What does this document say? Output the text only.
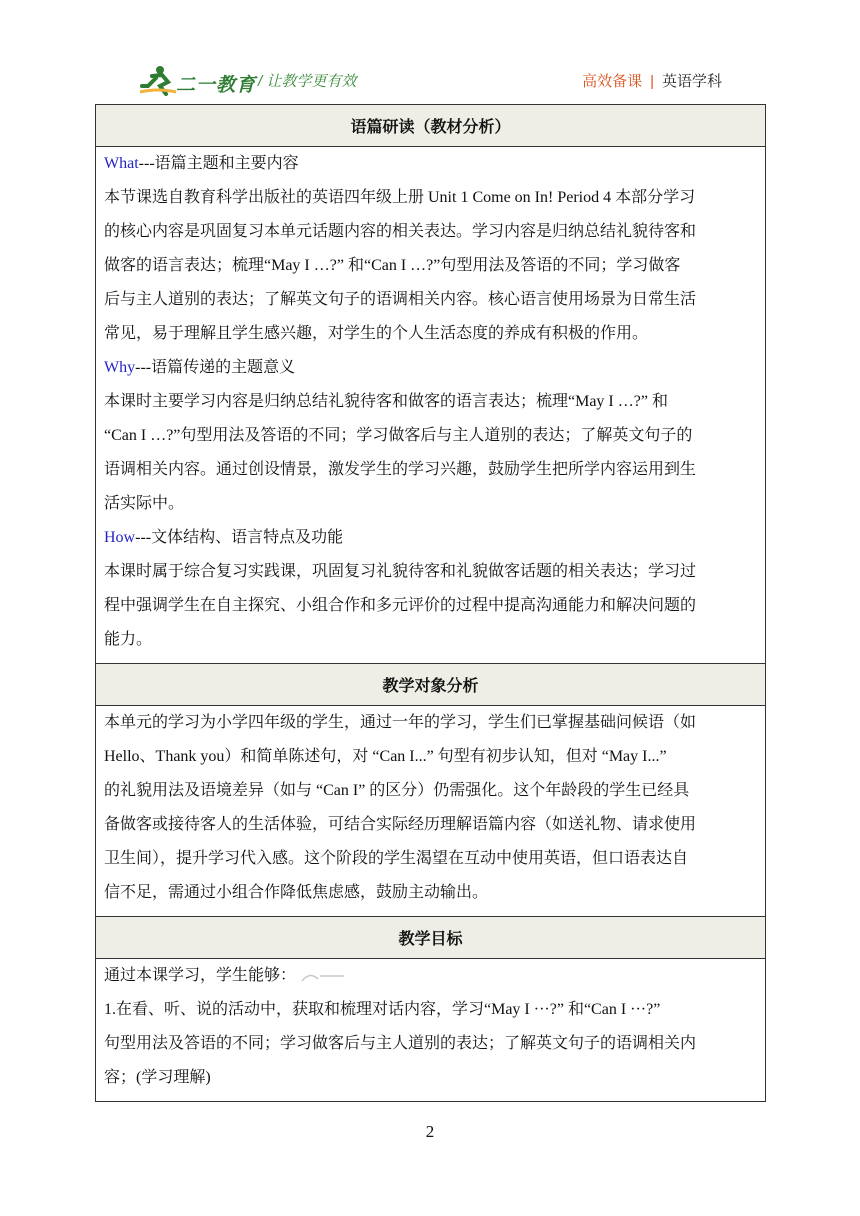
二一教育 / 让教学更有效	高效备课 | 英语学科
语篇研读（教材分析）

What---语篇主题和主要内容

本节课选自教育科学出版社的英语四年级上册 Unit 1 Come on In! Period 4 本部分学习

的核心内容是巩固复习本单元话题内容的相关表达。学习内容是归纳总结礼貌待客和

做客的语言表达；梳理“May I …?” 和“Can I …?”句型用法及答语的不同；学习做客

后与主人道别的表达；了解英文句子的语调相关内容。核心语言使用场景为日常生活

常见，易于理解且学生感兴趣，对学生的个人生活态度的养成有积极的作用。

Why---语篇传递的主题意义

本课时主要学习内容是归纳总结礼貌待客和做客的语言表达；梳理“May I …?” 和

“Can I …?”句型用法及答语的不同；学习做客后与主人道别的表达；了解英文句子的

语调相关内容。通过创设情景，激发学生的学习兴趣，鼓励学生把所学内容运用到生

活实际中。

How---文体结构、语言特点及功能

本课时属于综合复习实践课，巩固复习礼貌待客和礼貌做客话题的相关表达；学习过

程中强调学生在自主探究、小组合作和多元评价的过程中提高沟通能力和解决问题的

能力。

教学对象分析

本单元的学习为小学四年级的学生，通过一年的学习，学生们已掌握基础问候语（如

Hello、Thank you）和简单陈述句，对 “Can I...” 句型有初步认知，但对 “May I...”

的礼貌用法及语境差异（如与 “Can I” 的区分）仍需强化。这个年龄段的学生已经具

备做客或接待客人的生活体验，可结合实际经历理解语篇内容（如送礼物、请求使用

卫生间），提升学习代入感。这个阶段的学生渴望在互动中使用英语，但口语表达自

信不足，需通过小组合作降低焦虑感，鼓励主动输出。

教学目标

通过本课学习，学生能够：

1.在看、听、说的活动中，获取和梳理对话内容，学习“May I ···?” 和“Can I ···?”

句型用法及答语的不同；学习做客后与主人道别的表达；了解英文句子的语调相关内

容；(学习理解)

2
